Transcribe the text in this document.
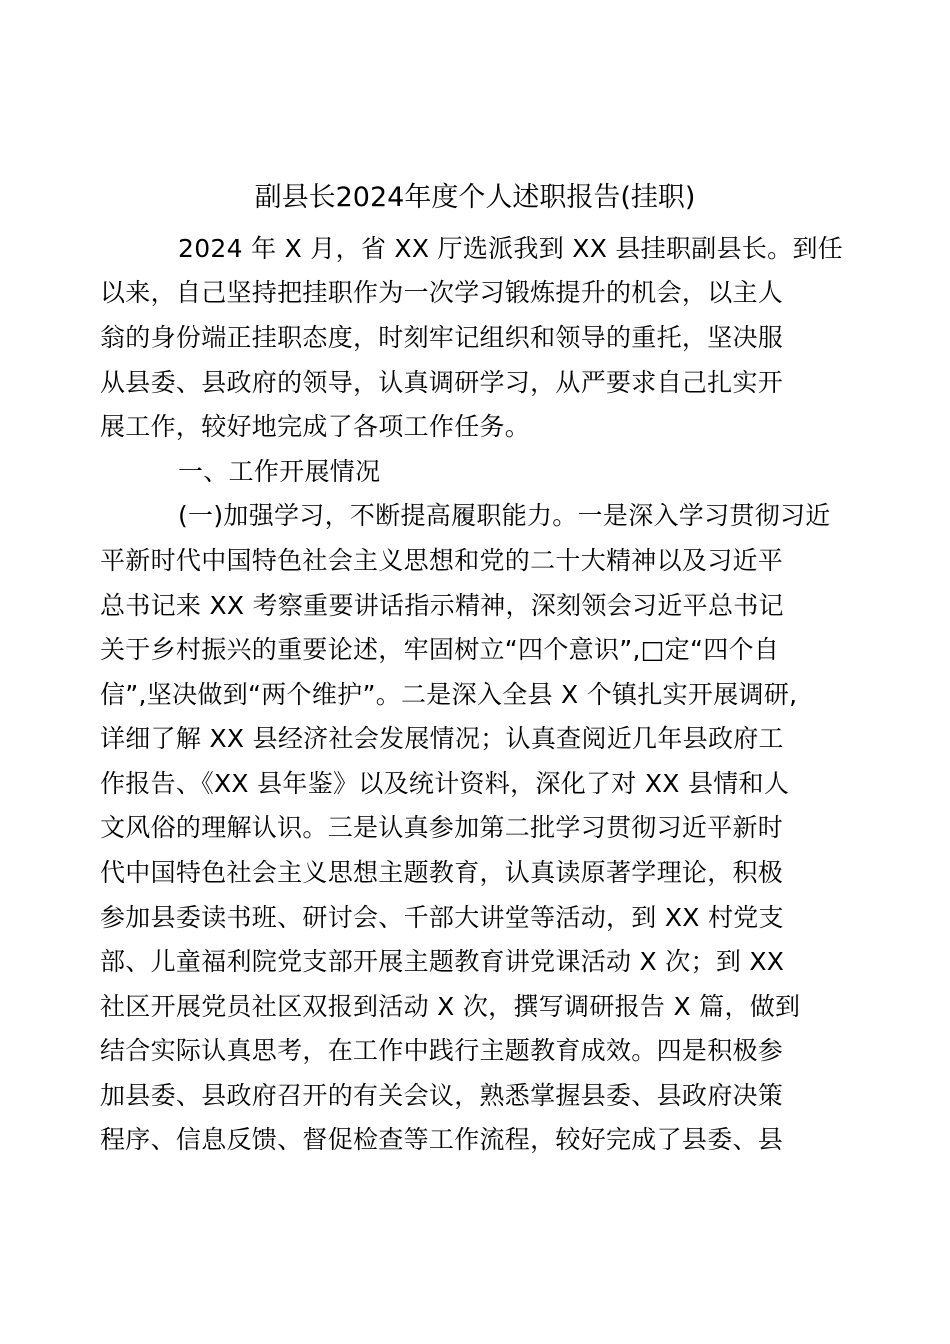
副县长2024年度个人述职报告(挂职)
2024 年 X 月，省 XX 厅选派我到 XX 县挂职副县长。到任
以来，自己坚持把挂职作为一次学习锻炼提升的机会，以主人
翁的身份端正挂职态度，时刻牢记组织和领导的重托，坚决服
从县委、县政府的领导，认真调研学习，从严要求自己扎实开
展工作，较好地完成了各项工作任务。
一、工作开展情况
(一)加强学习，不断提高履职能力。一是深入学习贯彻习近
平新时代中国特色社会主义思想和党的二十大精神以及习近平
总书记来 XX 考察重要讲话指示精神，深刻领会习近平总书记
关于乡村振兴的重要论述，牢固树立“四个意识”,□定“四个自
信”,坚决做到“两个维护”。二是深入全县 X 个镇扎实开展调研,
详细了解 XX 县经济社会发展情况；认真查阅近几年县政府工
作报告、《XX 县年鉴》以及统计资料，深化了对 XX 县情和人
文风俗的理解认识。三是认真参加第二批学习贯彻习近平新时
代中国特色社会主义思想主题教育，认真读原著学理论，积极
参加县委读书班、研讨会、千部大讲堂等活动，到 XX 村党支
部、儿童福利院党支部开展主题教育讲党课活动 X 次；到 XX
社区开展党员社区双报到活动 X 次，撰写调研报告 X 篇，做到
结合实际认真思考，在工作中践行主题教育成效。四是积极参
加县委、县政府召开的有关会议，熟悉掌握县委、县政府决策
程序、信息反馈、督促检查等工作流程，较好完成了县委、县
